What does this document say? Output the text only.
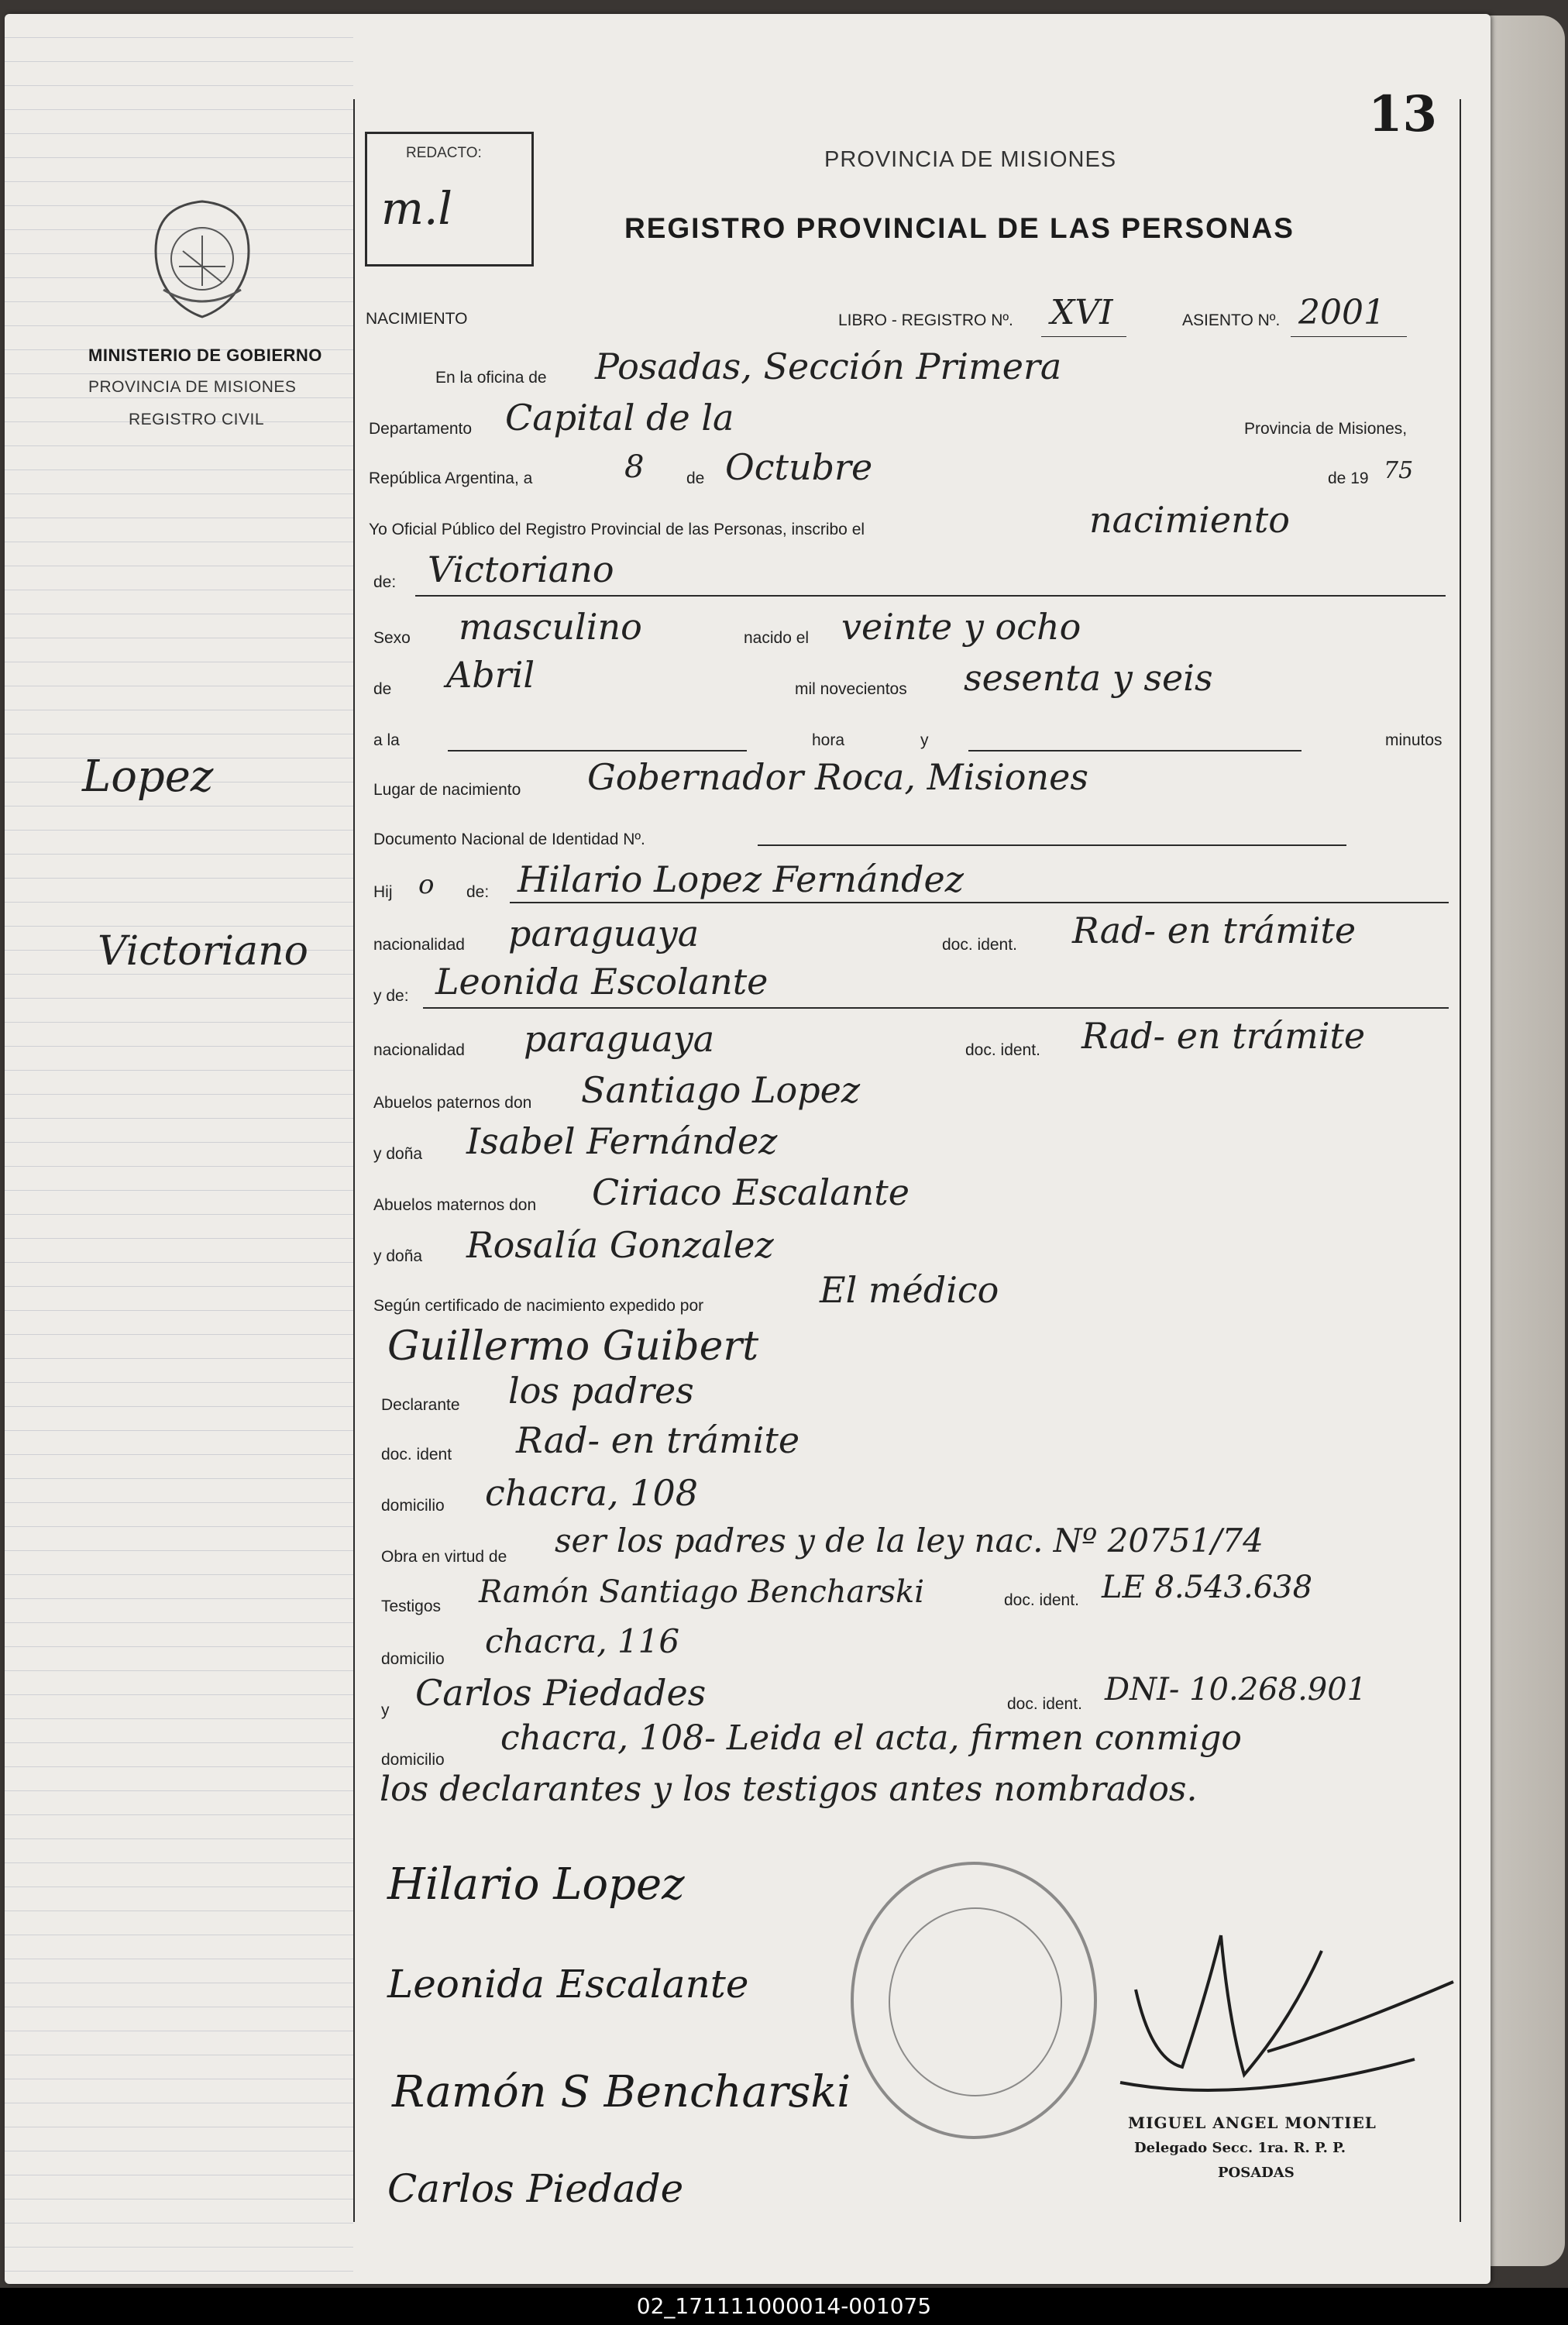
MINISTERIO DE GOBIERNO
PROVINCIA DE MISIONES
REGISTRO CIVIL
Lopez
Victoriano
13
REDACTO:
m.l
PROVINCIA DE MISIONES
REGISTRO PROVINCIAL DE LAS PERSONAS
NACIMIENTO	LIBRO - REGISTRO Nº. XVI	ASIENTO Nº. 2001
En la oficina de Posadas, Sección Primera
Departamento Capital de la	Provincia de Misiones,
República Argentina, a	8	de Octubre	de 19 75
Yo Oficial Público del Registro Provincial de las Personas, inscribo el	nacimiento
de: Victoriano
Sexo masculino	nacido el veinte y ocho
de Abril	mil novecientos sesenta y seis
a la	hora	y	minutos
Lugar de nacimiento Gobernador Roca, Misiones
Documento Nacional de Identidad Nº.
Hij o de: Hilario Lopez Fernández
nacionalidad paraguaya	doc. ident. Rad- en trámite
y de: Leonida Escolante
nacionalidad paraguaya	doc. ident. Rad- en trámite
Abuelos paternos don Santiago Lopez
y doña Isabel Fernández
Abuelos maternos don Ciriaco Escalante
y doña Rosalía Gonzalez
Según certificado de nacimiento expedido por	El médico
Guillermo Guibert
Declarante los padres
doc. ident Rad- en trámite
domicilio chacra, 108
Obra en virtud de ser los padres y de la ley nac. Nº 20751/74
Testigos Ramón Santiago Bencharski	doc. ident. LE 8.543.638
domicilio chacra, 116
y Carlos Piedades	doc. ident. DNI- 10.268.901
domicilio
chacra, 108- Leida el acta, firmen conmigo
los declarantes y los testigos antes nombrados.
Hilario Lopez
Leonida Escalante
Ramón S Bencharski
Carlos Piedade
MIGUEL ANGEL MONTIEL
Delegado Secc. 1ra. R. P. P.
POSADAS
02_171111000014-001075
